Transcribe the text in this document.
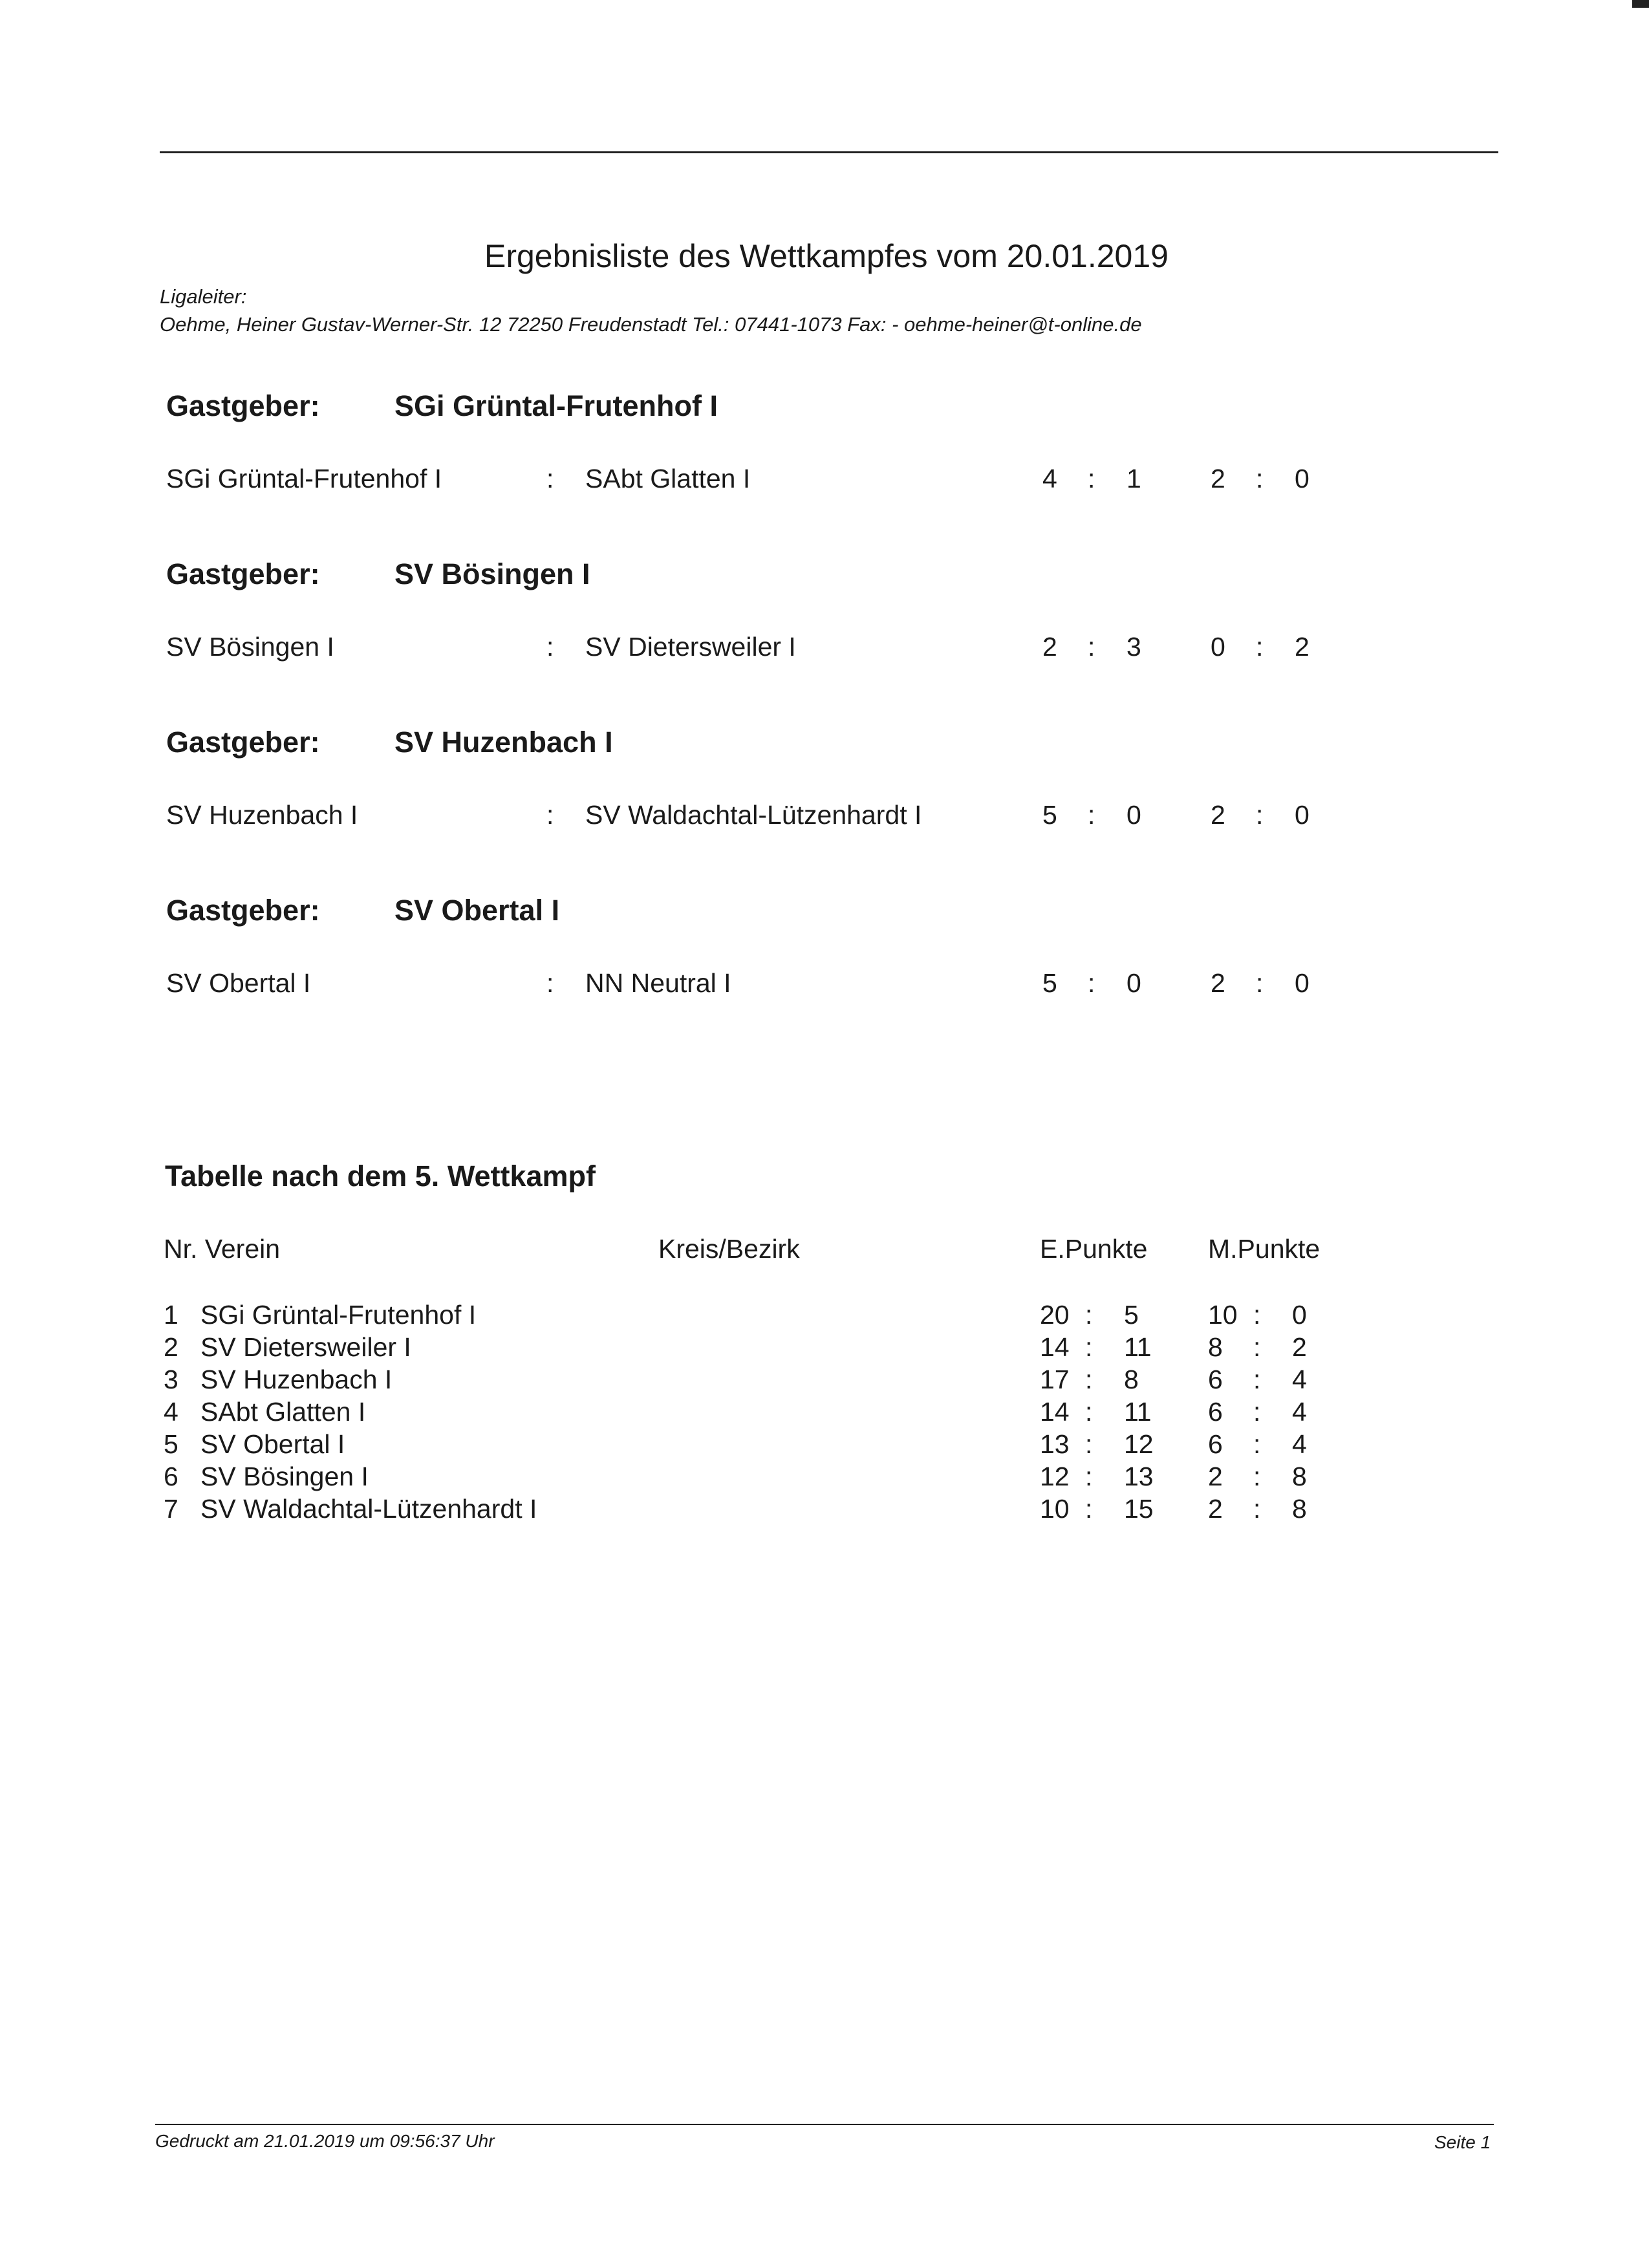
Ergebnisliste des Wettkampfes vom 20.01.2019
Ligaleiter:
Oehme, Heiner Gustav-Werner-Str. 12 72250 Freudenstadt Tel.: 07441-1073 Fax: - oehme-heiner@t-online.de
Gastgeber:	SGi Grüntal-Frutenhof I
SGi Grüntal-Frutenhof I	: SAbt Glatten I	4 : 1	2 : 0
Gastgeber:	SV Bösingen I
SV Bösingen I	: SV Dietersweiler I	2 : 3	0 : 2
Gastgeber:	SV Huzenbach I
SV Huzenbach I	: SV Waldachtal-Lützenhardt I	5 : 0	2 : 0
Gastgeber:	SV Obertal I
SV Obertal I	: NN Neutral I	5 : 0	2 : 0
Tabelle nach dem 5. Wettkampf
Nr. Verein	Kreis/Bezirk	E.Punkte M.Punkte
1 SGi Grüntal-Frutenhof I	20 : 5	10 : 0
2 SV Dietersweiler I	14 : 11 8 : 2
3 SV Huzenbach I	17 : 8	6 : 4
4 SAbt Glatten I	14 : 11 6 : 4
5 SV Obertal I	13 : 12 6 : 4
6 SV Bösingen I	12 : 13 2 : 8
7 SV Waldachtal-Lützenhardt I	10 : 15 2 : 8
Gedruckt am 21.01.2019 um 09:56:37 Uhr	Seite 1
